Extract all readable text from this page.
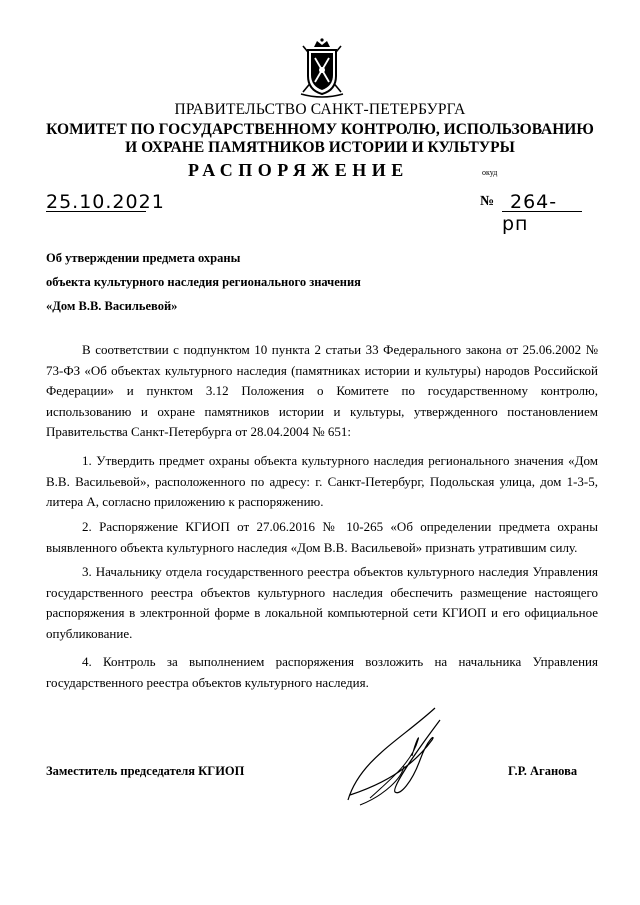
ПРАВИТЕЛЬСТВО САНКТ-ПЕТЕРБУРГА
КОМИТЕТ ПО ГОСУДАРСТВЕННОМУ КОНТРОЛЮ, ИСПОЛЬЗОВАНИЮ
И ОХРАНЕ ПАМЯТНИКОВ ИСТОРИИ И КУЛЬТУРЫ
РАСПОРЯЖЕНИЕ	окуд
25.10.2021	№ 264-рп
Об утверждении предмета охраны
объекта культурного наследия регионального значения
«Дом В.В. Васильевой»
В соответствии с подпунктом 10 пункта 2 статьи 33 Федерального закона от 25.06.2002 № 73-ФЗ «Об объектах культурного наследия (памятниках истории и культуры) народов Российской Федерации» и пунктом 3.12 Положения о Комитете по государственному контролю, использованию и охране памятников истории и культуры, утвержденного постановлением Правительства Санкт-Петербурга от 28.04.2004 № 651:
1. Утвердить предмет охраны объекта культурного наследия регионального значения «Дом В.В. Васильевой», расположенного по адресу: г. Санкт-Петербург, Подольская улица, дом 1-3-5, литера А, согласно приложению к распоряжению.
2. Распоряжение КГИОП от 27.06.2016 № 10-265 «Об определении предмета охраны выявленного объекта культурного наследия «Дом В.В. Васильевой» признать утратившим силу.
3. Начальнику отдела государственного реестра объектов культурного наследия Управления государственного реестра объектов культурного наследия обеспечить размещение настоящего распоряжения в электронной форме в локальной компьютерной сети КГИОП и его официальное опубликование.
4. Контроль за выполнением распоряжения возложить на начальника Управления государственного реестра объектов культурного наследия.
Заместитель председателя КГИОП	Г.Р. Аганова
